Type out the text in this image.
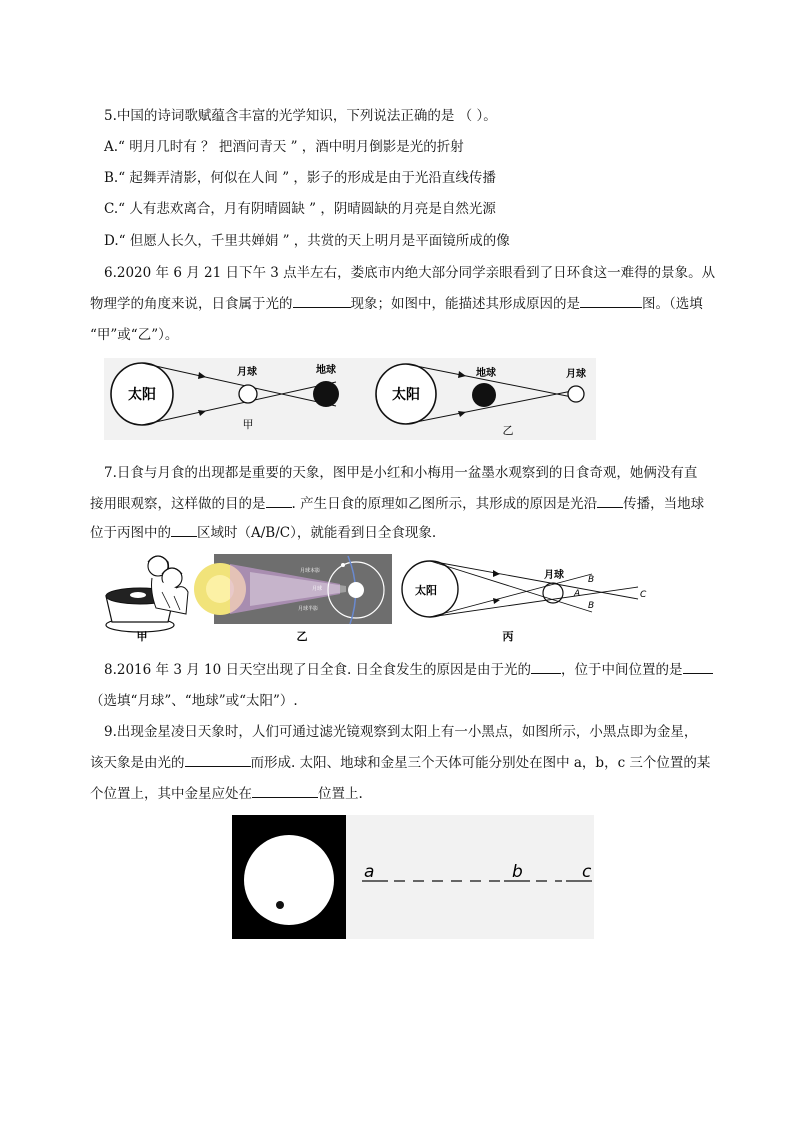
5.中国的诗词歌赋蕴含丰富的光学知识，下列说法正确的是 （ ）。
A.“ 明月几时有 ？ 把酒问青天 ” ，酒中明月倒影是光的折射
B.“ 起舞弄清影，何似在人间 ” ，影子的形成是由于光沿直线传播
C.“ 人有悲欢离合，月有阴晴圆缺 ” ，阴晴圆缺的月亮是自然光源
D.“ 但愿人长久，千里共婵娟 ” ，共赏的天上明月是平面镜所成的像
6.2020 年 6 月 21 日下午 3 点半左右，娄底市内绝大部分同学亲眼看到了日环食这一难得的景象。从
物理学的角度来说，日食属于光的	现象；如图中，能描述其形成原因的是	图。（选填
“甲”或“乙”）。
太阳
月球	地球
甲
太阳
地球	月球
乙
7.日食与月食的出现都是重要的天象，图甲是小红和小梅用一盆墨水观察到的日食奇观，她俩没有直
接用眼观察，这样做的目的是 . 产生日食的原理如乙图所示，其形成的原因是光沿 传播，当地球
位于丙图中的 区域时（A/B/C），就能看到日全食现象.
甲
月球本影
月球
月球半影
乙
太阳
月球	B
A
B
C
丙
8.2016 年 3 月 10 日天空出现了日全食. 日全食发生的原因是由于光的 ，位于中间位置的是
（选填“月球”、“地球”或“太阳”）.
9.出现金星凌日天象时，人们可通过滤光镜观察到太阳上有一小黑点，如图所示，小黑点即为金星，
该天象是由光的	而形成. 太阳、地球和金星三个天体可能分别处在图中 a，b，c 三个位置的某
个位置上，其中金星应处在	位置上.
a	b	c
